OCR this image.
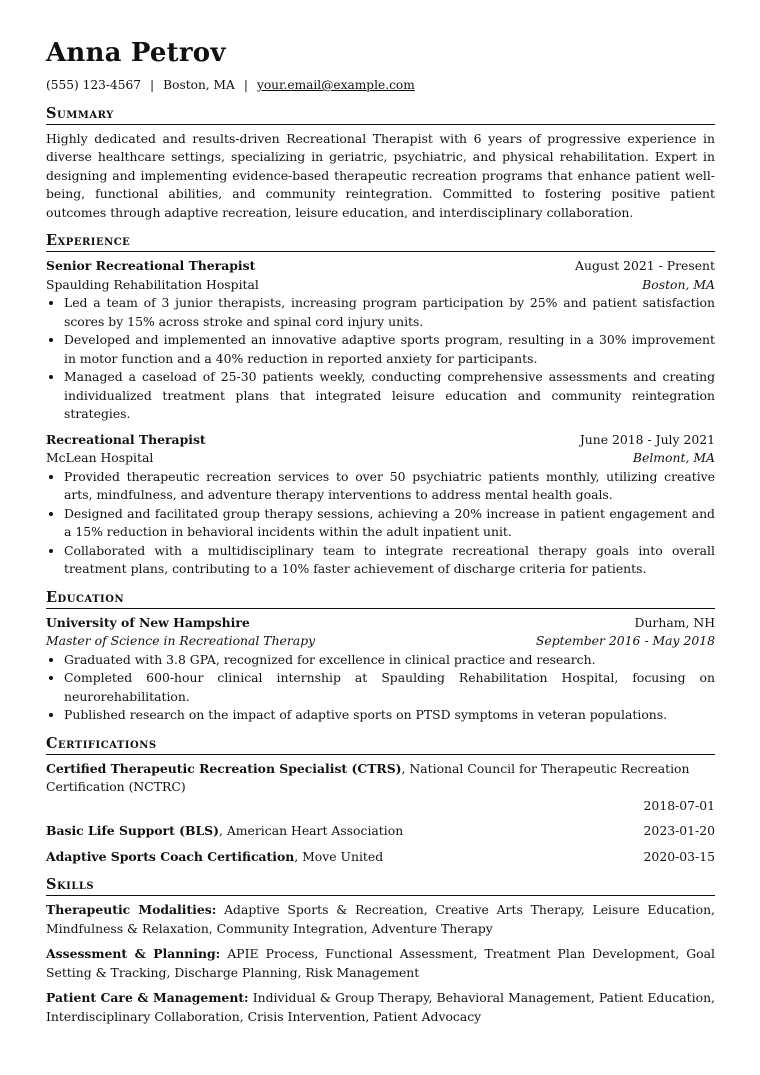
Anna Petrov
(555) 123-4567 | Boston, MA | your.email@example.com
Summary
Highly dedicated and results-driven Recreational Therapist with 6 years of progressive experience in diverse healthcare settings, specializing in geriatric, psychiatric, and physical rehabilitation. Expert in designing and implementing evidence-based therapeutic recreation programs that enhance patient well-being, functional abilities, and community reintegration. Committed to fostering positive patient outcomes through adaptive recreation, leisure education, and interdisciplinary collaboration.
Experience
Senior Recreational Therapist	August 2021 - Present
Spaulding Rehabilitation Hospital	Boston, MA
• Led a team of 3 junior therapists, increasing program participation by 25% and patient satisfaction scores by 15% across stroke and spinal cord injury units.
• Developed and implemented an innovative adaptive sports program, resulting in a 30% improvement in motor function and a 40% reduction in reported anxiety for participants.
• Managed a caseload of 25-30 patients weekly, conducting comprehensive assessments and creating individualized treatment plans that integrated leisure education and community reintegration strategies.
Recreational Therapist	June 2018 - July 2021
McLean Hospital	Belmont, MA
• Provided therapeutic recreation services to over 50 psychiatric patients monthly, utilizing creative arts, mindfulness, and adventure therapy interventions to address mental health goals.
• Designed and facilitated group therapy sessions, achieving a 20% increase in patient engagement and a 15% reduction in behavioral incidents within the adult inpatient unit.
• Collaborated with a multidisciplinary team to integrate recreational therapy goals into overall treatment plans, contributing to a 10% faster achievement of discharge criteria for patients.
Education
University of New Hampshire	Durham, NH
Master of Science in Recreational Therapy	September 2016 - May 2018
• Graduated with 3.8 GPA, recognized for excellence in clinical practice and research.
• Completed 600-hour clinical internship at Spaulding Rehabilitation Hospital, focusing on neurorehabilitation.
• Published research on the impact of adaptive sports on PTSD symptoms in veteran populations.
Certifications
Certified Therapeutic Recreation Specialist (CTRS), National Council for Therapeutic Recreation Certification (NCTRC)
2018-07-01
Basic Life Support (BLS), American Heart Association	2023-01-20
Adaptive Sports Coach Certification, Move United	2020-03-15
Skills
Therapeutic Modalities: Adaptive Sports & Recreation, Creative Arts Therapy, Leisure Education, Mindfulness & Relaxation, Community Integration, Adventure Therapy
Assessment & Planning: APIE Process, Functional Assessment, Treatment Plan Development, Goal Setting & Tracking, Discharge Planning, Risk Management
Patient Care & Management: Individual & Group Therapy, Behavioral Management, Patient Education, Interdisciplinary Collaboration, Crisis Intervention, Patient Advocacy
